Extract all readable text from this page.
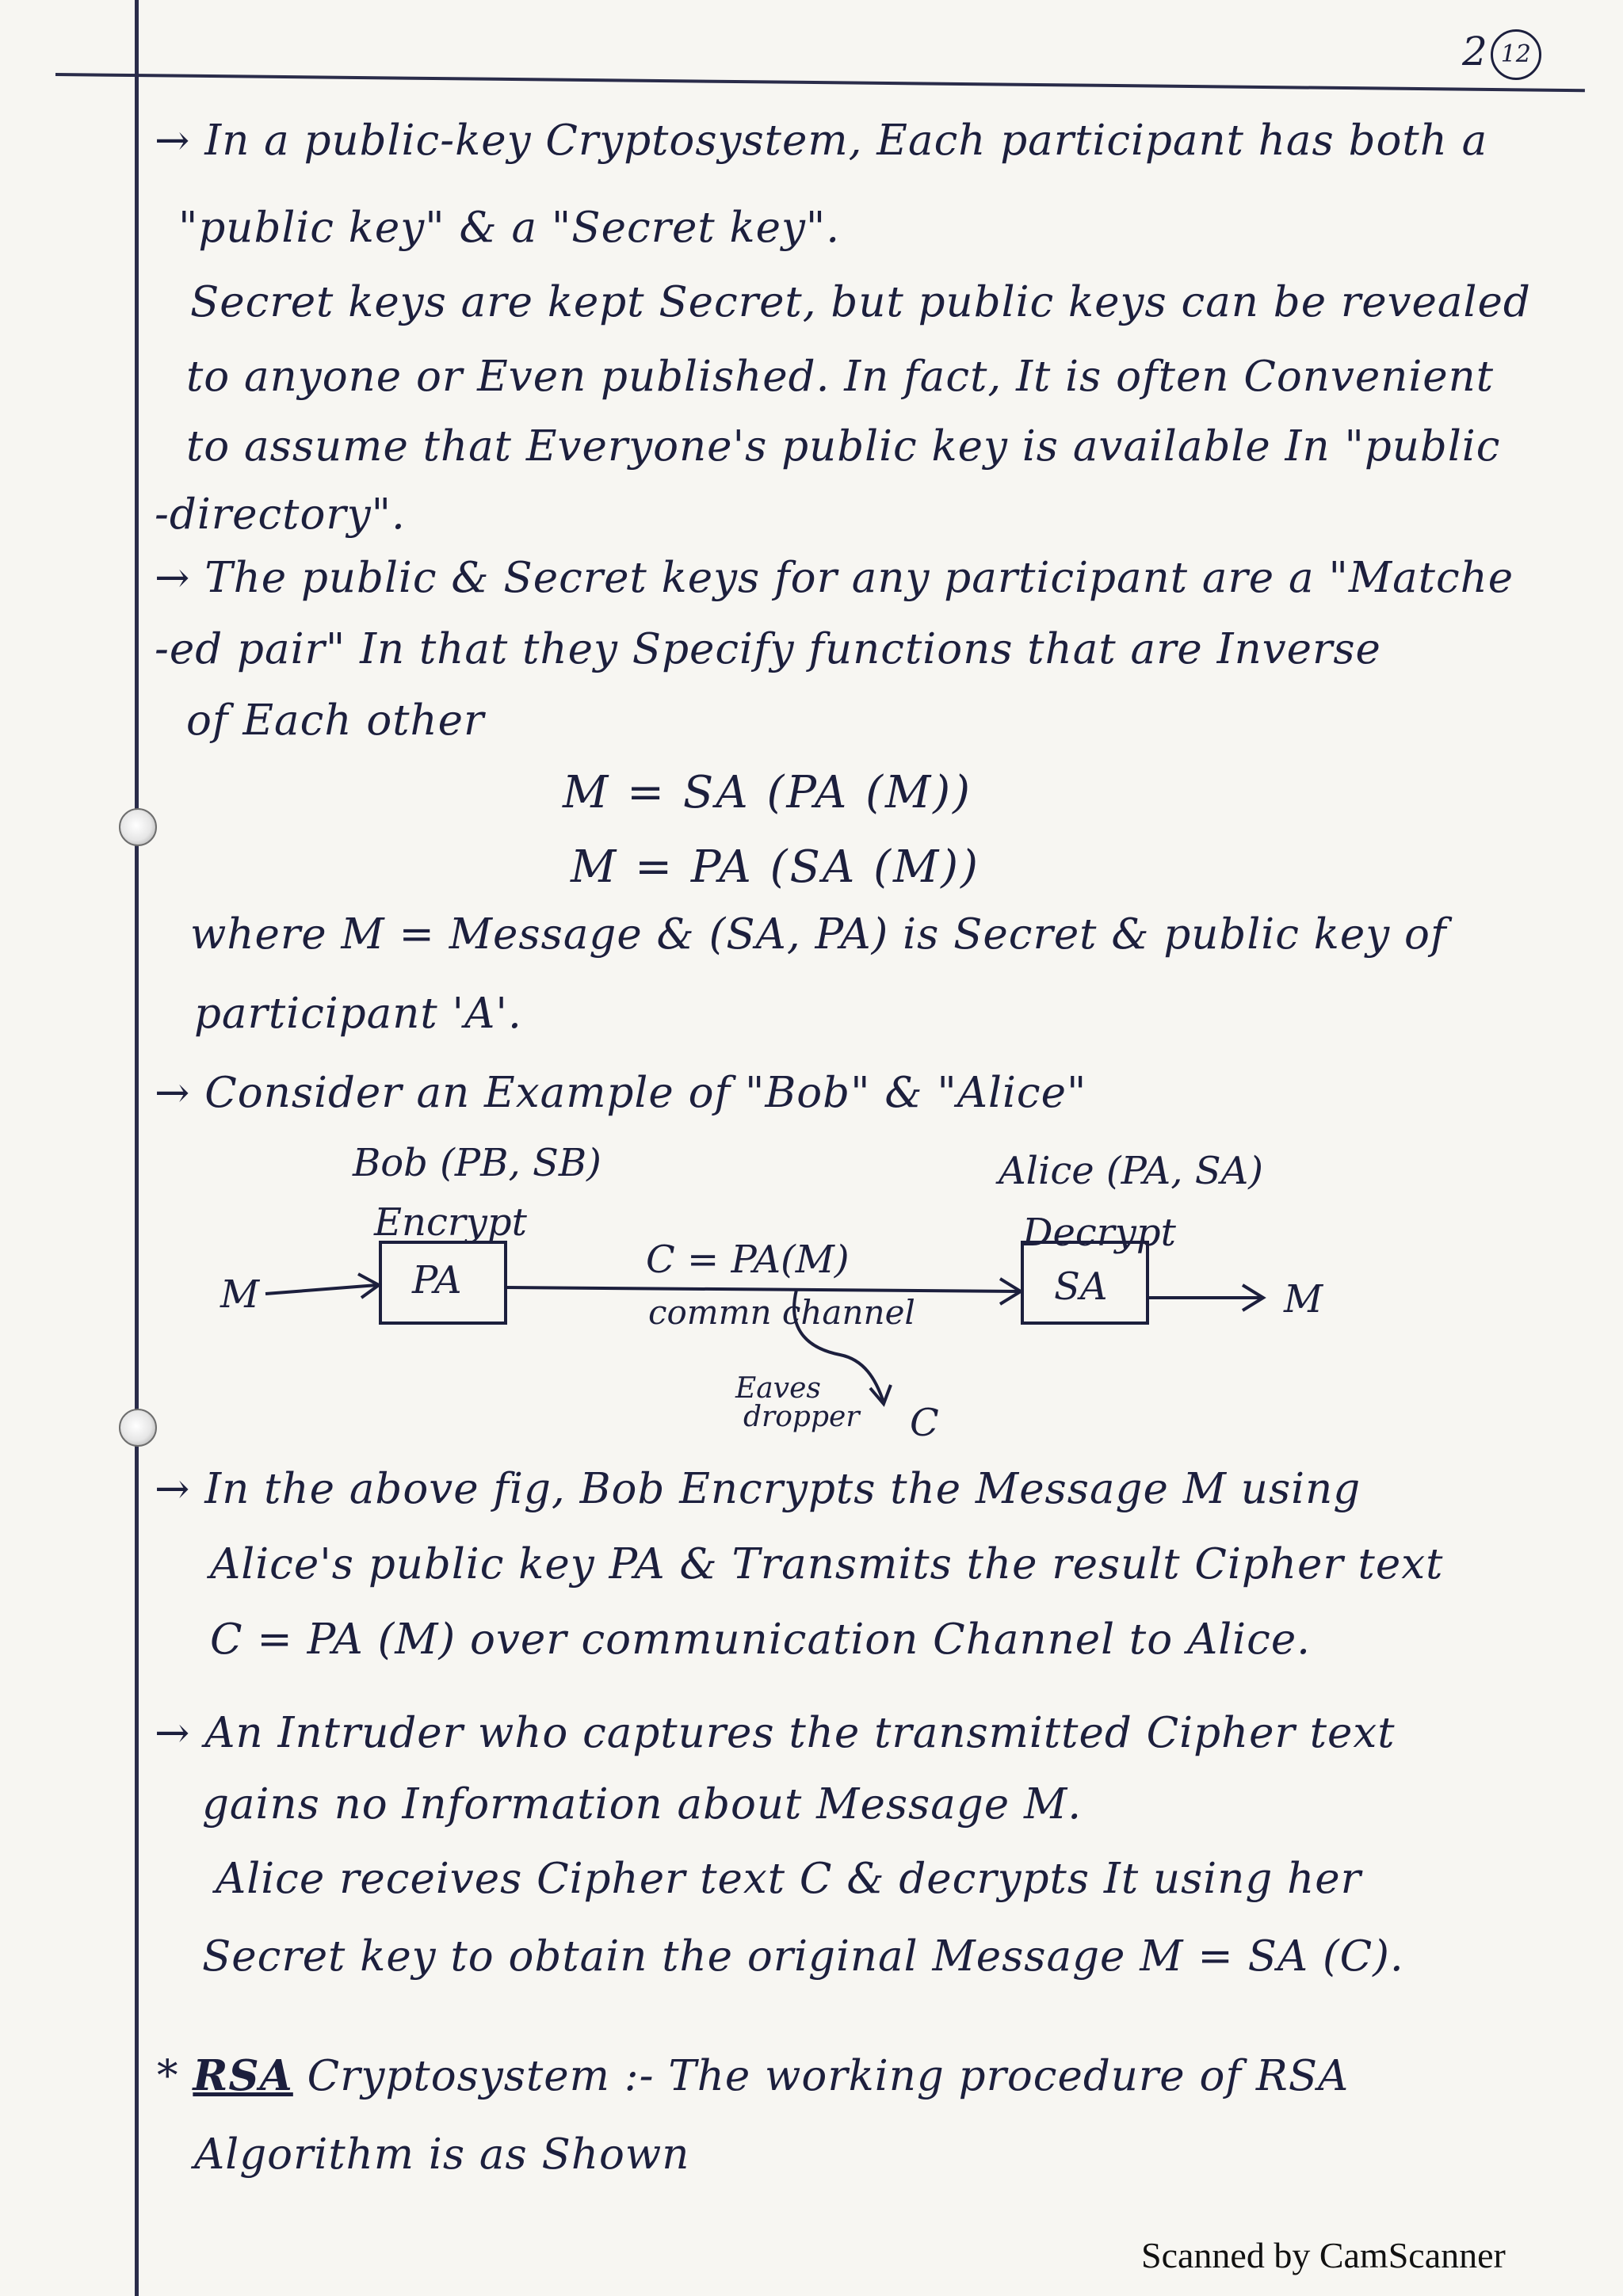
2 12
→ In a public-key Cryptosystem, Each participant has both a
"public key" & a "Secret key".
Secret keys are kept Secret, but public keys can be revealed
to anyone or Even published. In fact, It is often Convenient
to assume that Everyone's public key is available In "public
-directory".
→ The public & Secret keys for any participant are a "Matche
-ed pair" In that they Specify functions that are Inverse
of Each other
M = SA (PA (M))
M = PA (SA (M))
where M = Message & (SA, PA) is Secret & public key of
participant 'A'.
→ Consider an Example of "Bob" & "Alice"
Bob (PB, SB)	Alice (PA, SA)
Encrypt	Decrypt
M	M
PA	SA
C = PA(M)
commn channel
Eaves
dropper C
→ In the above fig, Bob Encrypts the Message M using
Alice's public key PA & Transmits the result Cipher text
C = PA (M) over communication Channel to Alice.
→ An Intruder who captures the transmitted Cipher text
gains no Information about Message M.
Alice receives Cipher text C & decrypts It using her
Secret key to obtain the original Message M = SA (C).
* RSA Cryptosystem :- The working procedure of RSA
Algorithm is as Shown
Scanned by CamScanner
